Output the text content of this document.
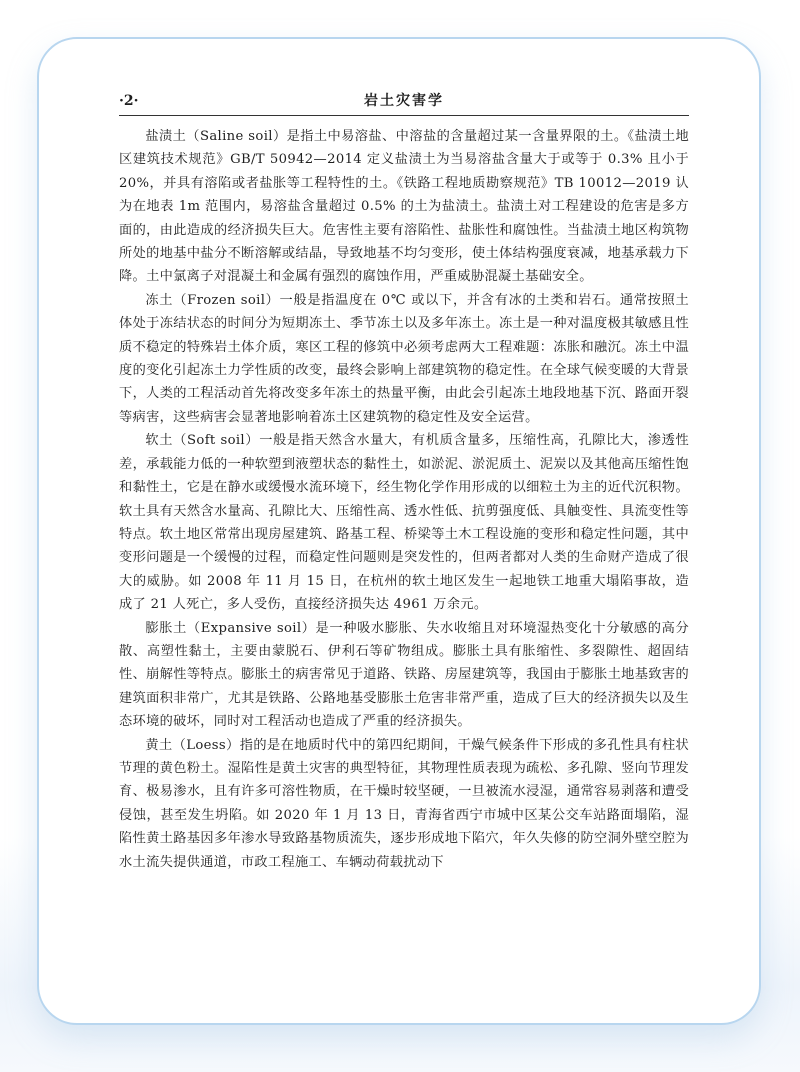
·2·	岩土灾害学

盐渍土（Saline soil）是指土中易溶盐、中溶盐的含量超过某一含量界限的土。《盐渍土地区建筑技术规范》GB/T 50942—2014 定义盐渍土为当易溶盐含量大于或等于 0.3% 且小于 20%，并具有溶陷或者盐胀等工程特性的土。《铁路工程地质勘察规范》TB 10012—2019 认为在地表 1m 范围内，易溶盐含量超过 0.5% 的土为盐渍土。盐渍土对工程建设的危害是多方面的，由此造成的经济损失巨大。危害性主要有溶陷性、盐胀性和腐蚀性。当盐渍土地区构筑物所处的地基中盐分不断溶解或结晶，导致地基不均匀变形，使土体结构强度衰减，地基承载力下降。土中氯离子对混凝土和金属有强烈的腐蚀作用，严重威胁混凝土基础安全。

冻土（Frozen soil）一般是指温度在 0℃ 或以下，并含有冰的土类和岩石。通常按照土体处于冻结状态的时间分为短期冻土、季节冻土以及多年冻土。冻土是一种对温度极其敏感且性质不稳定的特殊岩土体介质，寒区工程的修筑中必须考虑两大工程难题：冻胀和融沉。冻土中温度的变化引起冻土力学性质的改变，最终会影响上部建筑物的稳定性。在全球气候变暖的大背景下，人类的工程活动首先将改变多年冻土的热量平衡，由此会引起冻土地段地基下沉、路面开裂等病害，这些病害会显著地影响着冻土区建筑物的稳定性及安全运营。

软土（Soft soil）一般是指天然含水量大，有机质含量多，压缩性高，孔隙比大，渗透性差，承载能力低的一种软塑到液塑状态的黏性土，如淤泥、淤泥质土、泥炭以及其他高压缩性饱和黏性土，它是在静水或缓慢水流环境下，经生物化学作用形成的以细粒土为主的近代沉积物。软土具有天然含水量高、孔隙比大、压缩性高、透水性低、抗剪强度低、具触变性、具流变性等特点。软土地区常常出现房屋建筑、路基工程、桥梁等土木工程设施的变形和稳定性问题，其中变形问题是一个缓慢的过程，而稳定性问题则是突发性的，但两者都对人类的生命财产造成了很大的威胁。如 2008 年 11 月 15 日，在杭州的软土地区发生一起地铁工地重大塌陷事故，造成了 21 人死亡，多人受伤，直接经济损失达 4961 万余元。

膨胀土（Expansive soil）是一种吸水膨胀、失水收缩且对环境湿热变化十分敏感的高分散、高塑性黏土，主要由蒙脱石、伊利石等矿物组成。膨胀土具有胀缩性、多裂隙性、超固结性、崩解性等特点。膨胀土的病害常见于道路、铁路、房屋建筑等，我国由于膨胀土地基致害的建筑面积非常广，尤其是铁路、公路地基受膨胀土危害非常严重，造成了巨大的经济损失以及生态环境的破坏，同时对工程活动也造成了严重的经济损失。

黄土（Loess）指的是在地质时代中的第四纪期间，干燥气候条件下形成的多孔性具有柱状节理的黄色粉土。湿陷性是黄土灾害的典型特征，其物理性质表现为疏松、多孔隙、竖向节理发育、极易渗水，且有许多可溶性物质，在干燥时较坚硬，一旦被流水浸湿，通常容易剥落和遭受侵蚀，甚至发生坍陷。如 2020 年 1 月 13 日，青海省西宁市城中区某公交车站路面塌陷，湿陷性黄土路基因多年渗水导致路基物质流失，逐步形成地下陷穴，年久失修的防空洞外壁空腔为水土流失提供通道，市政工程施工、车辆动荷载扰动下
